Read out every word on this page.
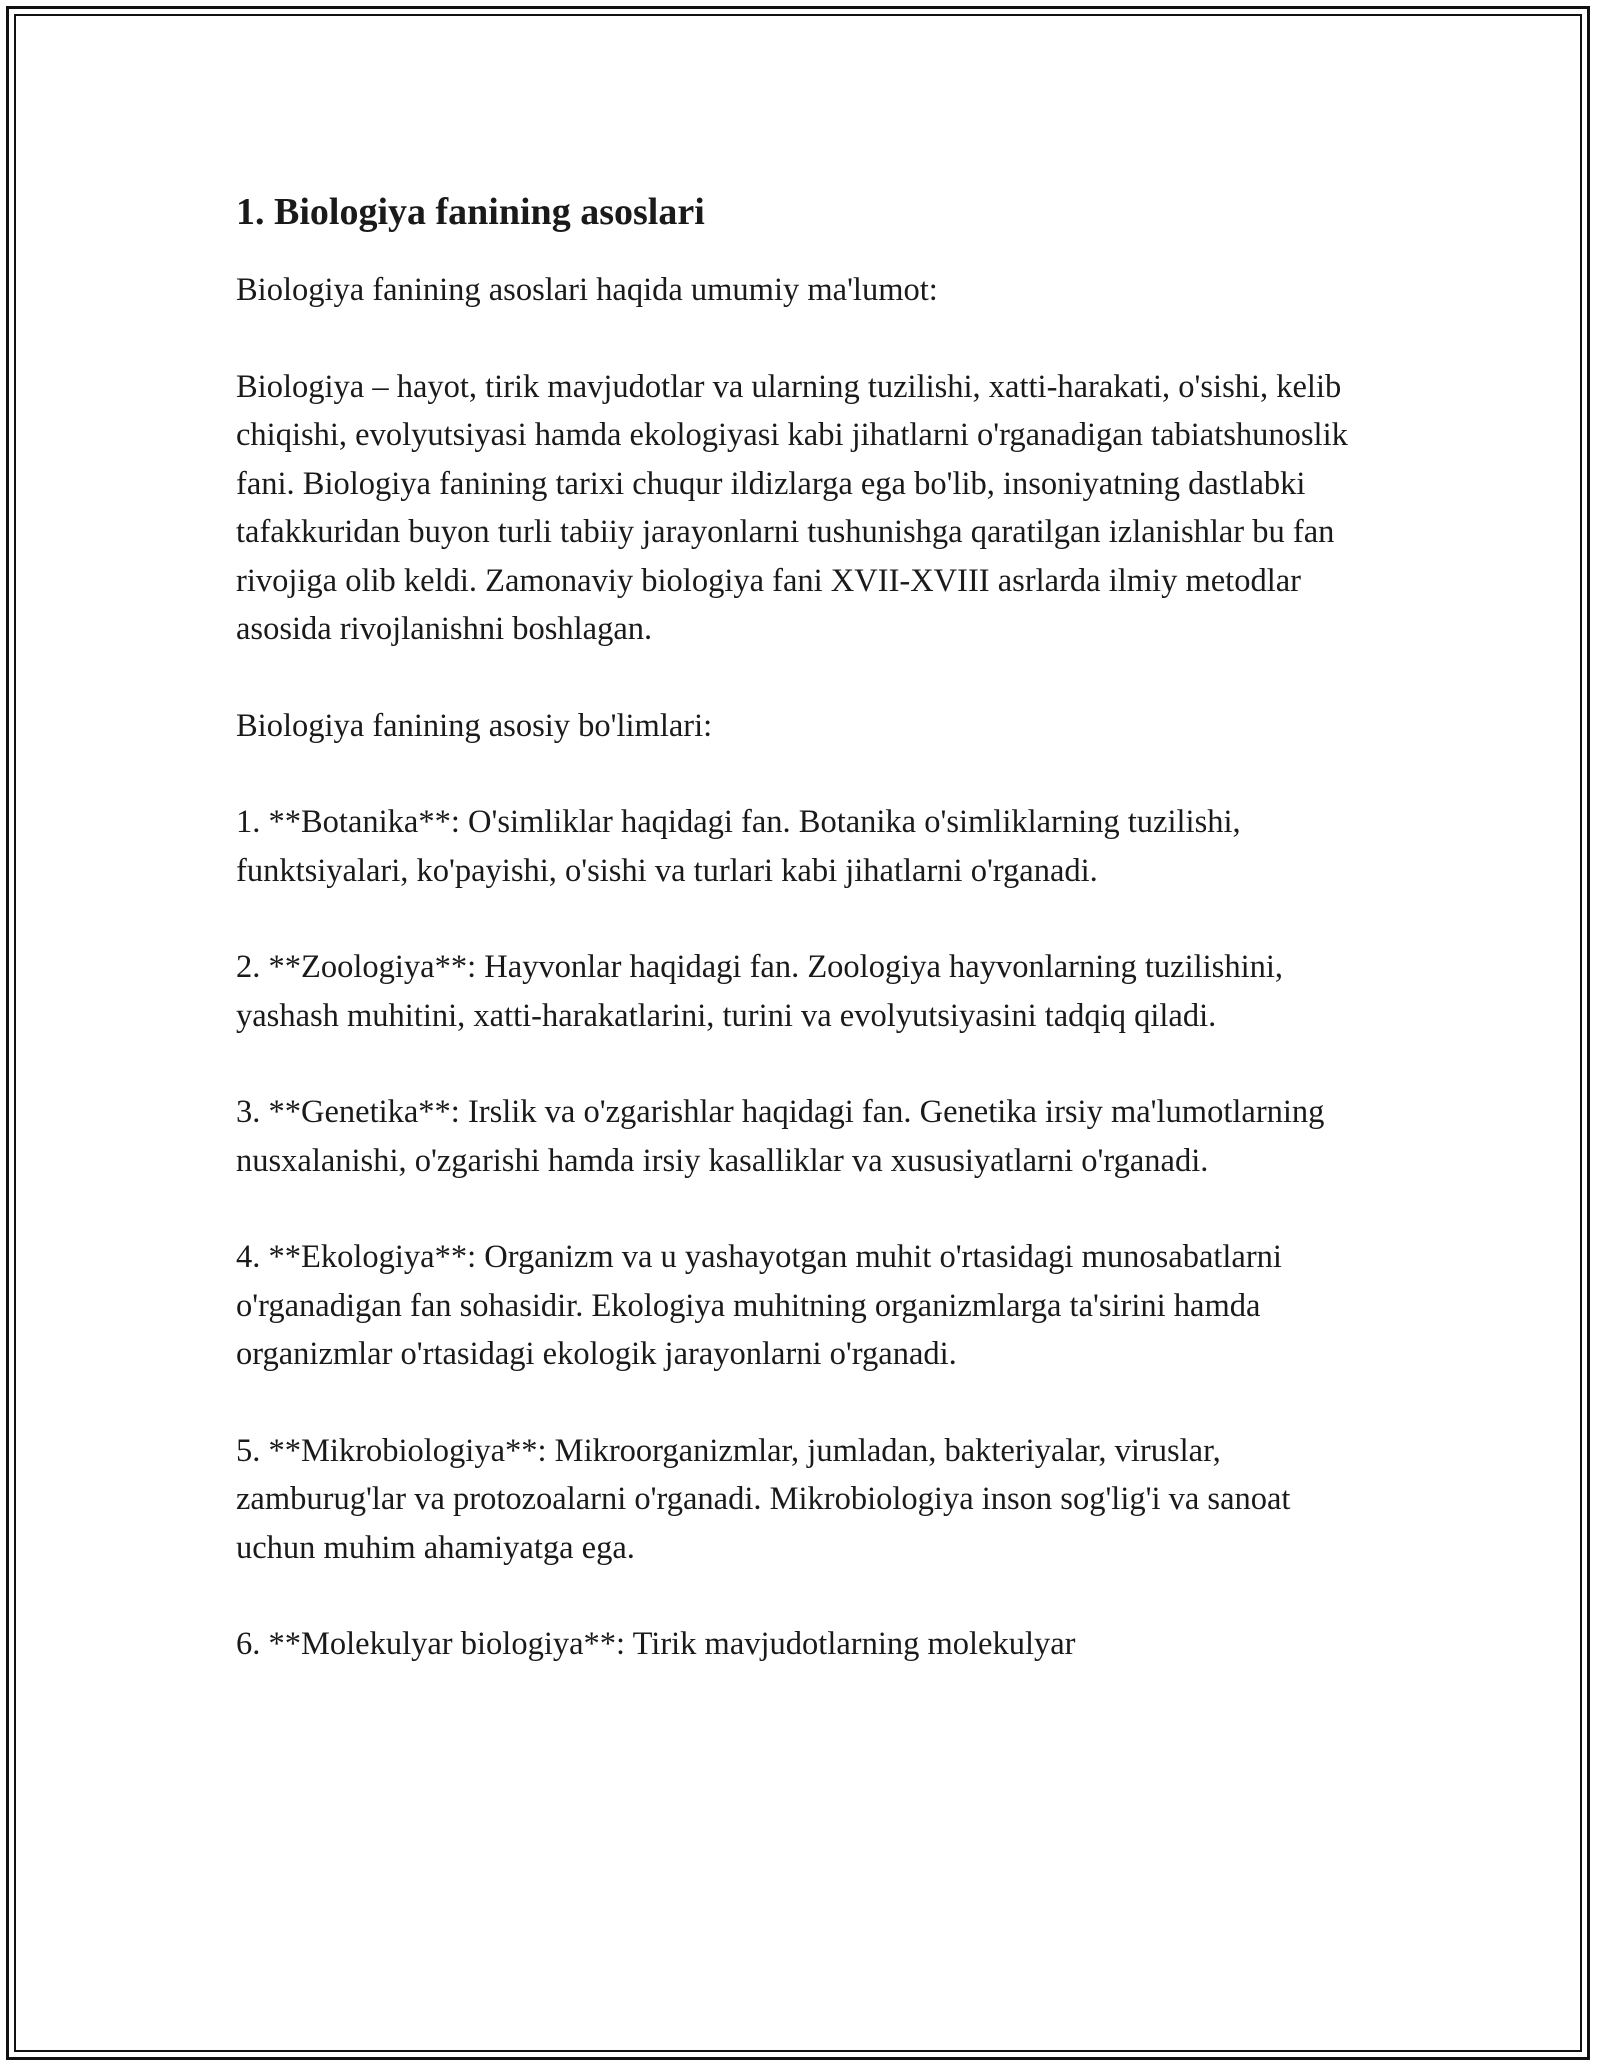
1. Biologiya fanining asoslari

Biologiya fanining asoslari haqida umumiy ma'lumot:

Biologiya – hayot, tirik mavjudotlar va ularning tuzilishi, xatti-harakati, o'sishi, kelib chiqishi, evolyutsiyasi hamda ekologiyasi kabi jihatlarni o'rganadigan tabiatshunoslik fani. Biologiya fanining tarixi chuqur ildizlarga ega bo'lib, insoniyatning dastlabki tafakkuridan buyon turli tabiiy jarayonlarni tushunishga qaratilgan izlanishlar bu fan rivojiga olib keldi. Zamonaviy biologiya fani XVII-XVIII asrlarda ilmiy metodlar asosida rivojlanishni boshlagan.

Biologiya fanining asosiy bo'limlari:

1. **Botanika**: O'simliklar haqidagi fan. Botanika o'simliklarning tuzilishi, funktsiyalari, ko'payishi, o'sishi va turlari kabi jihatlarni o'rganadi.

2. **Zoologiya**: Hayvonlar haqidagi fan. Zoologiya hayvonlarning tuzilishini, yashash muhitini, xatti-harakatlarini, turini va evolyutsiyasini tadqiq qiladi.

3. **Genetika**: Irslik va o'zgarishlar haqidagi fan. Genetika irsiy ma'lumotlarning nusxalanishi, o'zgarishi hamda irsiy kasalliklar va xususiyatlarni o'rganadi.

4. **Ekologiya**: Organizm va u yashayotgan muhit o'rtasidagi munosabatlarni o'rganadigan fan sohasidir. Ekologiya muhitning organizmlarga ta'sirini hamda organizmlar o'rtasidagi ekologik jarayonlarni o'rganadi.

5. **Mikrobiologiya**: Mikroorganizmlar, jumladan, bakteriyalar, viruslar, zamburug'lar va protozoalarni o'rganadi. Mikrobiologiya inson sog'lig'i va sanoat uchun muhim ahamiyatga ega.

6. **Molekulyar biologiya**: Tirik mavjudotlarning molekulyar
